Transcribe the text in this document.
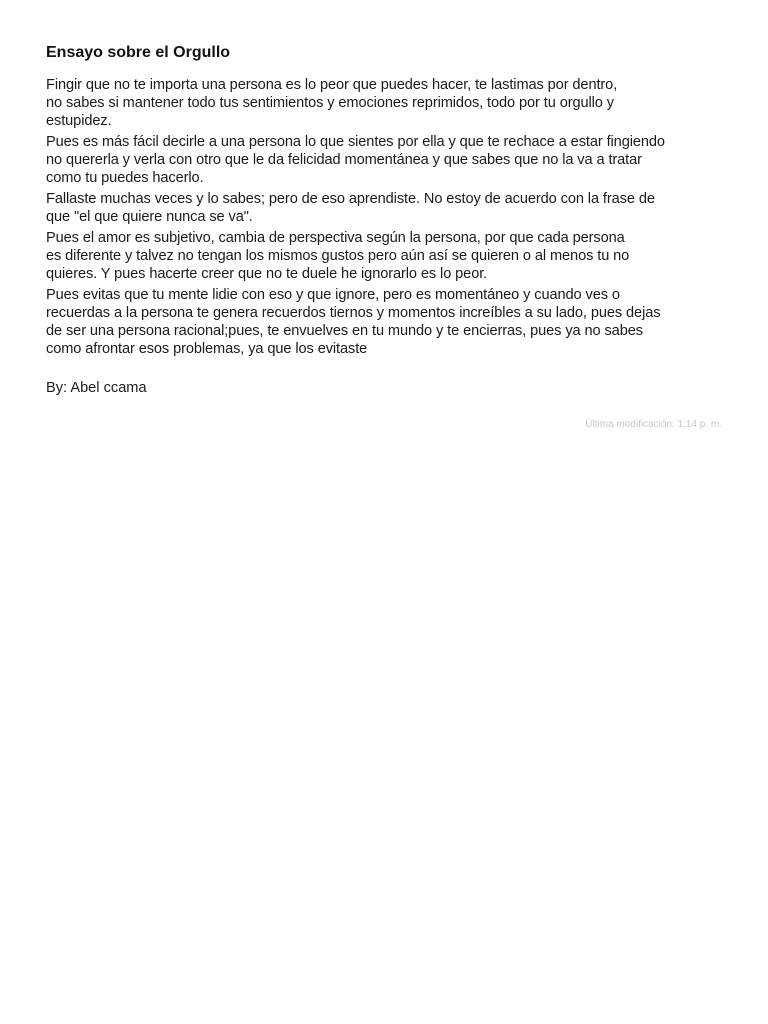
Ensayo sobre el Orgullo

Fingir que no te importa una persona es lo peor que puedes hacer, te lastimas por dentro,
no sabes si mantener todo tus sentimientos y emociones reprimidos, todo por tu orgullo y
estupidez.

Pues es más fácil decirle a una persona lo que sientes por ella y que te rechace a estar fingiendo
no quererla y verla con otro que le da felicidad momentánea y que sabes que no la va a tratar
como tu puedes hacerlo.

Fallaste muchas veces y lo sabes; pero de eso aprendiste. No estoy de acuerdo con la frase de
que "el que quiere nunca se va".

Pues el amor es subjetivo, cambia de perspectiva según la persona, por que cada persona
es diferente y talvez no tengan los mismos gustos pero aún así se quieren o al menos tu no
quieres. Y pues hacerte creer que no te duele he ignorarlo es lo peor.

Pues evitas que tu mente lidie con eso y que ignore, pero es momentáneo y cuando ves o
recuerdas a la persona te genera recuerdos tiernos y momentos increíbles a su lado, pues dejas
de ser una persona racional;pues, te envuelves en tu mundo y te encierras, pues ya no sabes
como afrontar esos problemas, ya que los evitaste

By: Abel ccama
Última modificación: 1:14 p. m.
